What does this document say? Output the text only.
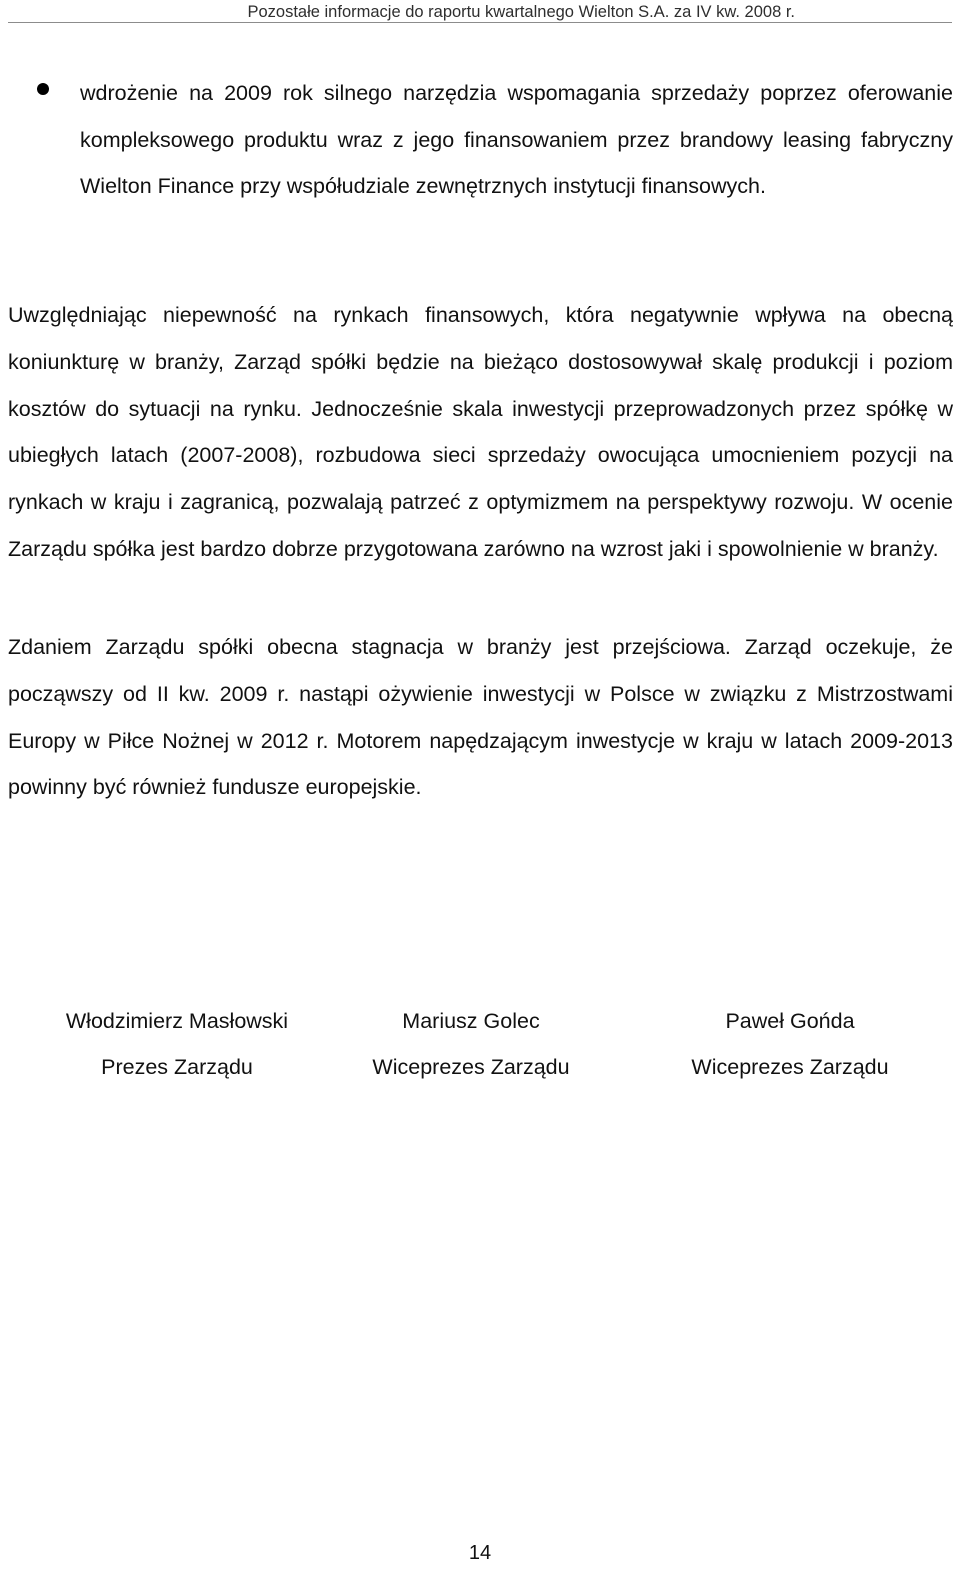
Pozostałe informacje do raportu kwartalnego Wielton S.A. za IV kw. 2008 r.
wdrożenie na 2009 rok silnego narzędzia wspomagania sprzedaży poprzez oferowanie kompleksowego produktu wraz z jego finansowaniem przez brandowy leasing fabryczny Wielton Finance przy współudziale zewnętrznych instytucji finansowych.
Uwzględniając niepewność na rynkach finansowych, która negatywnie wpływa na obecną koniunkturę w branży, Zarząd spółki będzie na bieżąco dostosowywał skalę produkcji i poziom kosztów do sytuacji na rynku. Jednocześnie skala inwestycji przeprowadzonych przez spółkę w ubiegłych latach (2007-2008), rozbudowa sieci sprzedaży owocująca umocnieniem pozycji na rynkach w kraju i zagranicą, pozwalają patrzeć z optymizmem na perspektywy rozwoju. W ocenie Zarządu spółka jest bardzo dobrze przygotowana zarówno na wzrost jaki i spowolnienie w branży.
Zdaniem Zarządu spółki obecna stagnacja w branży jest przejściowa. Zarząd oczekuje, że począwszy od II kw. 2009 r. nastąpi ożywienie inwestycji w Polsce w związku z Mistrzostwami Europy w Piłce Nożnej w 2012 r. Motorem napędzającym inwestycje w kraju w latach 2009-2013 powinny być również fundusze europejskie.
Włodzimierz Masłowski
Prezes Zarządu
Mariusz Golec
Wiceprezes Zarządu
Paweł Gońda
Wiceprezes Zarządu
14
